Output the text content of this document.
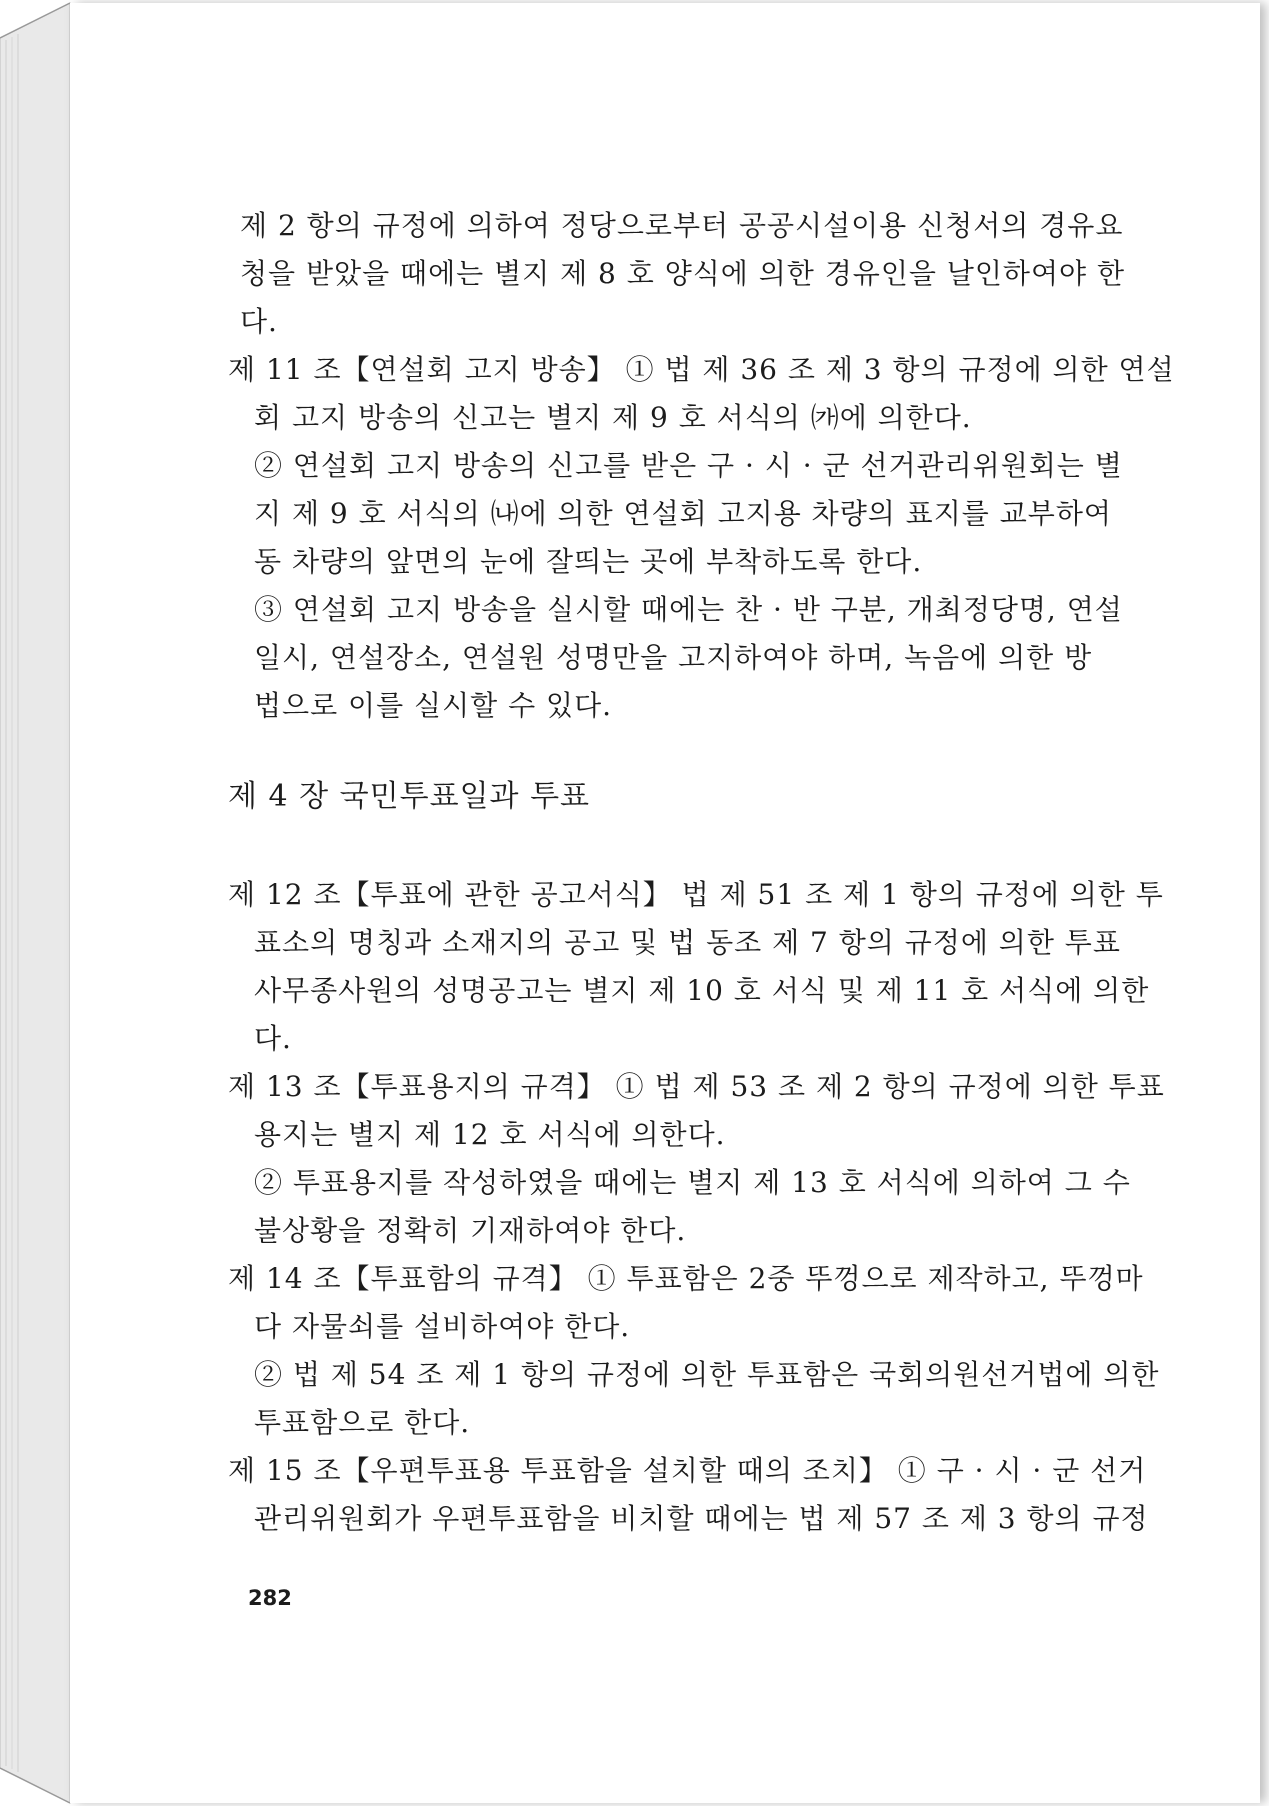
제 2 항의 규정에 의하여 정당으로부터 공공시설이용 신청서의 경유요
청을 받았을 때에는 별지 제 8 호 양식에 의한 경유인을 날인하여야 한
다.
제 11 조【연설회 고지 방송】 ① 법 제 36 조 제 3 항의 규정에 의한 연설
회 고지 방송의 신고는 별지 제 9 호 서식의 ㈎에 의한다.
② 연설회 고지 방송의 신고를 받은 구 · 시 · 군 선거관리위원회는 별
지 제 9 호 서식의 ㈏에 의한 연설회 고지용 차량의 표지를 교부하여
동 차량의 앞면의 눈에 잘띄는 곳에 부착하도록 한다.
③ 연설회 고지 방송을 실시할 때에는 찬 · 반 구분, 개최정당명, 연설
일시, 연설장소, 연설원 성명만을 고지하여야 하며, 녹음에 의한 방
법으로 이를 실시할 수 있다.
제 4 장 국민투표일과 투표
제 12 조【투표에 관한 공고서식】 법 제 51 조 제 1 항의 규정에 의한 투
표소의 명칭과 소재지의 공고 및 법 동조 제 7 항의 규정에 의한 투표
사무종사원의 성명공고는 별지 제 10 호 서식 및 제 11 호 서식에 의한
다.
제 13 조【투표용지의 규격】 ① 법 제 53 조 제 2 항의 규정에 의한 투표
용지는 별지 제 12 호 서식에 의한다.
② 투표용지를 작성하였을 때에는 별지 제 13 호 서식에 의하여 그 수
불상황을 정확히 기재하여야 한다.
제 14 조【투표함의 규격】 ① 투표함은 2중 뚜껑으로 제작하고, 뚜껑마
다 자물쇠를 설비하여야 한다.
② 법 제 54 조 제 1 항의 규정에 의한 투표함은 국회의원선거법에 의한
투표함으로 한다.
제 15 조【우편투표용 투표함을 설치할 때의 조치】 ① 구 · 시 · 군 선거
관리위원회가 우편투표함을 비치할 때에는 법 제 57 조 제 3 항의 규정

282
